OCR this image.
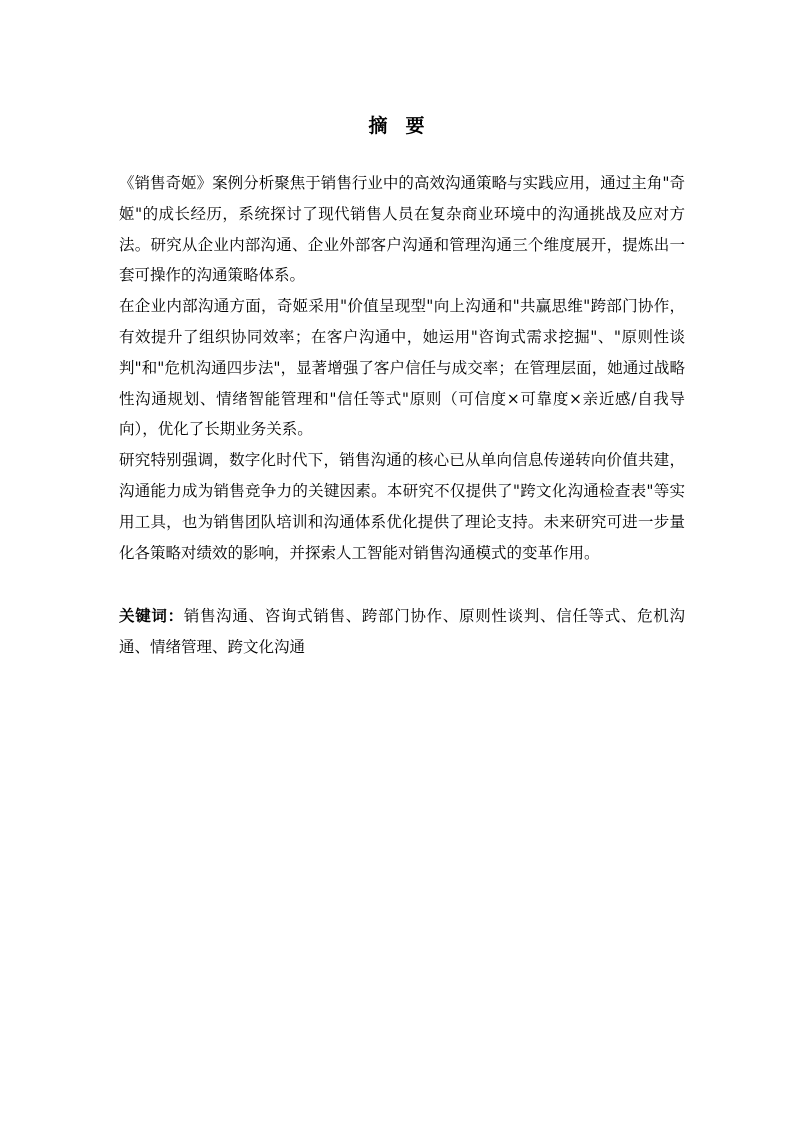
摘要

《销售奇姬》案例分析聚焦于销售行业中的高效沟通策略与实践应用，通过主角"奇姬"的成长经历，系统探讨了现代销售人员在复杂商业环境中的沟通挑战及应对方法。研究从企业内部沟通、企业外部客户沟通和管理沟通三个维度展开，提炼出一套可操作的沟通策略体系。

在企业内部沟通方面，奇姬采用"价值呈现型"向上沟通和"共赢思维"跨部门协作，有效提升了组织协同效率；在客户沟通中，她运用"咨询式需求挖掘"、"原则性谈判"和"危机沟通四步法"，显著增强了客户信任与成交率；在管理层面，她通过战略性沟通规划、情绪智能管理和"信任等式"原则（可信度×可靠度×亲近感/自我导向），优化了长期业务关系。

研究特别强调，数字化时代下，销售沟通的核心已从单向信息传递转向价值共建，沟通能力成为销售竞争力的关键因素。本研究不仅提供了"跨文化沟通检查表"等实用工具，也为销售团队培训和沟通体系优化提供了理论支持。未来研究可进一步量化各策略对绩效的影响，并探索人工智能对销售沟通模式的变革作用。

关键词：销售沟通、咨询式销售、跨部门协作、原则性谈判、信任等式、危机沟通、情绪管理、跨文化沟通
